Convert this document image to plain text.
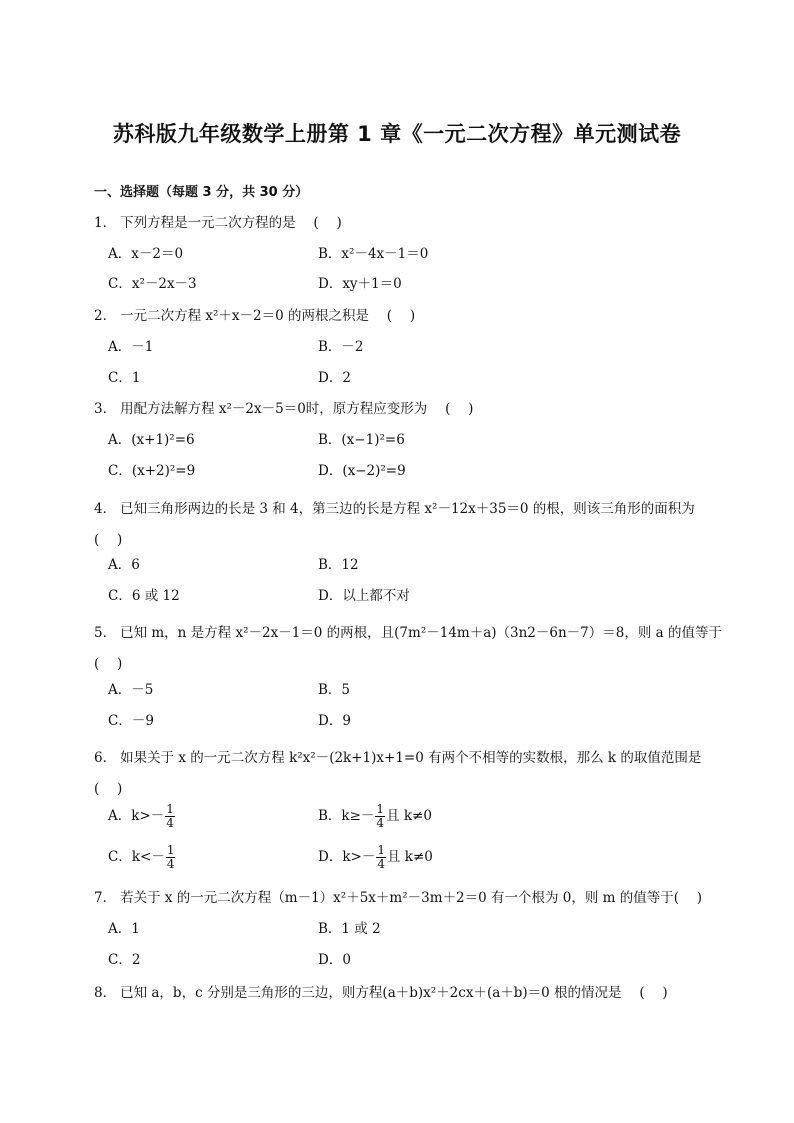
苏科版九年级数学上册第 1 章《一元二次方程》单元测试卷
一、选择题（每题 3 分，共 30 分）
1． 下列方程是一元二次方程的是　 (　 )
A．x－2＝0	B．x²－4x－1＝0
C．x²－2x－3	D．xy＋1＝0
2． 一元二次方程 x²＋x－2＝0 的两根之积是　 (　 )
A．－1	B．－2
C．1	D．2
3． 用配方法解方程 x²－2x－5＝0时，原方程应变形为　 (　 )
A．(x+1)²=6	B．(x−1)²=6
C．(x+2)²=9	D．(x−2)²=9
4． 已知三角形两边的长是 3 和 4，第三边的长是方程 x²－12x＋35＝0 的根，则该三角形的面积为
(　 )
A．6	B．12
C．6 或 12	D．以上都不对
5． 已知 m，n 是方程 x²－2x－1＝0 的两根，且(7m²－14m＋a)（3n2－6n－7）＝8，则 a 的值等于
(　 )
A．－5	B．5
C．－9	D．9
6． 如果关于 x 的一元二次方程 k²x²－(2k+1)x+1=0 有两个不相等的实数根，那么 k 的取值范围是
(　 )
A．$k>- \frac{1}{4}$	B．$k\ge- \frac{1}{4}$ 且 k≠0
C．$k<- \frac{1}{4}$	D．$k>- \frac{1}{4}$ 且 k≠0
7． 若关于 x 的一元二次方程（m－1）x²＋5x＋m²－3m＋2＝0 有一个根为 0，则 m 的值等于(　 )
A．1	B．1 或 2
C．2	D．0
8． 已知 a，b，c 分别是三角形的三边，则方程(a＋b)x²＋2cx＋(a＋b)＝0 根的情况是　 (　 )
